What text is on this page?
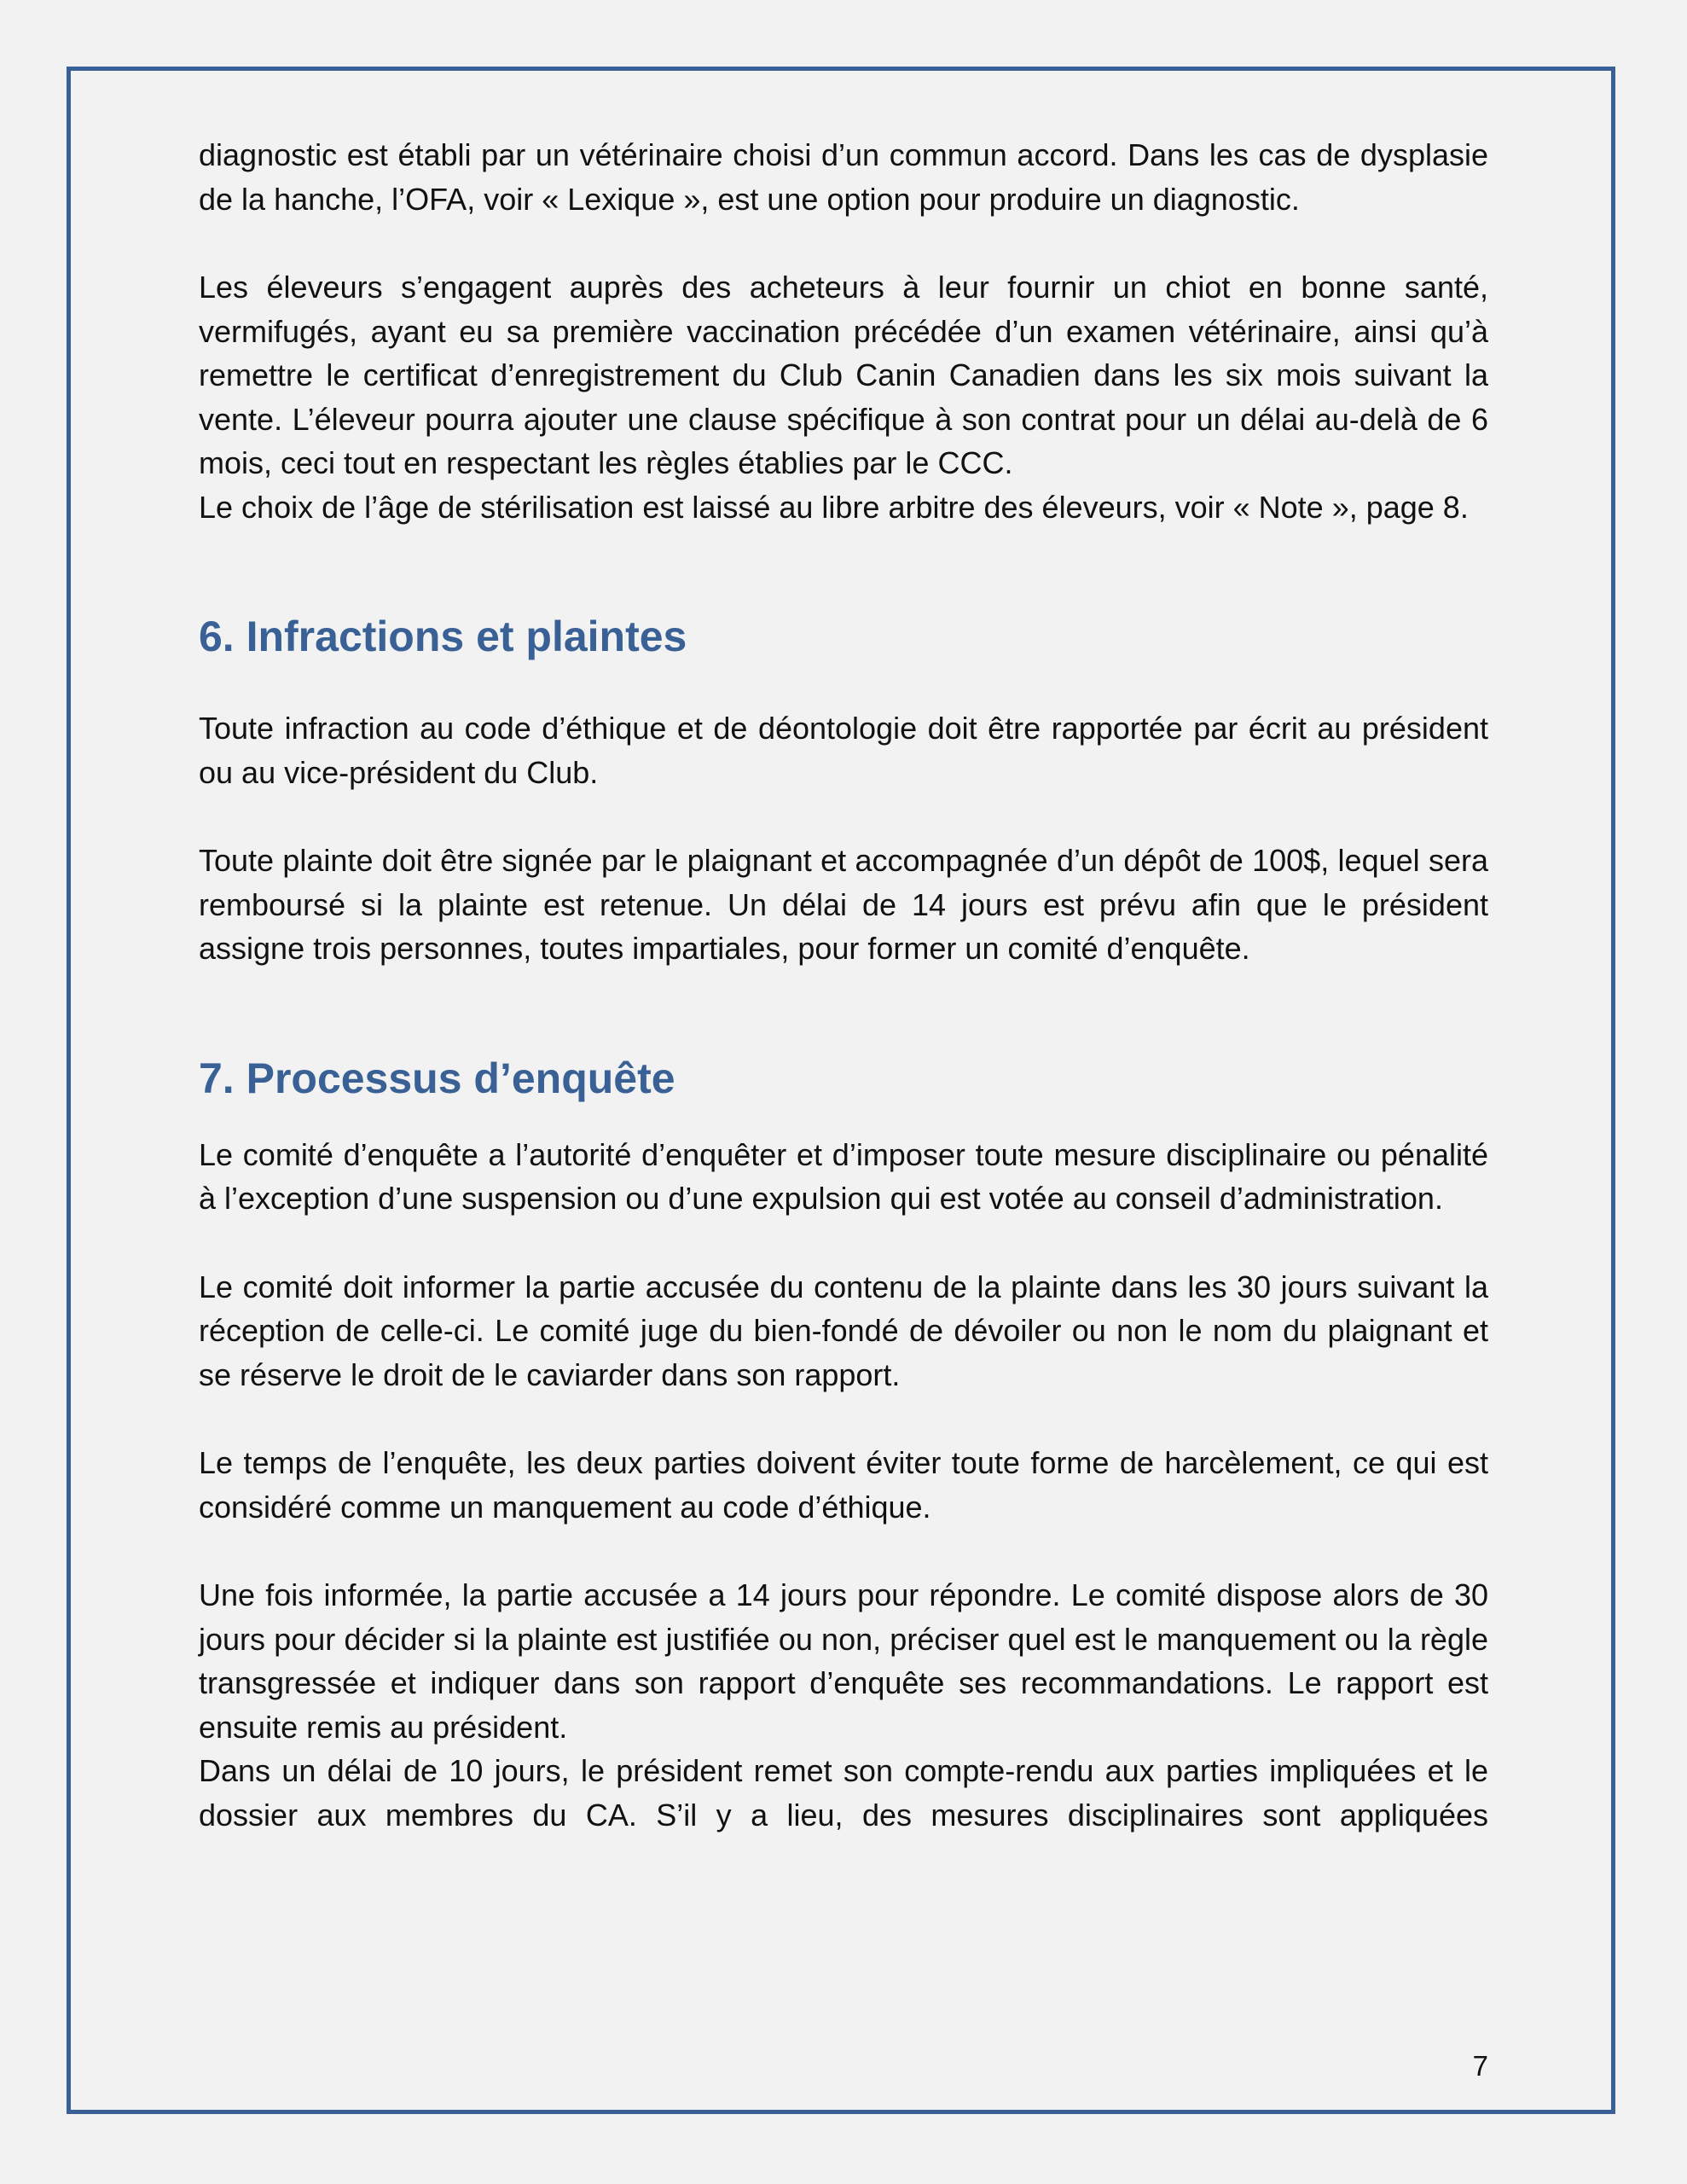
diagnostic est établi par un vétérinaire choisi d’un commun accord. Dans les cas de dysplasie de la hanche, l’OFA, voir « Lexique », est une option pour produire un diagnostic.

Les éleveurs s’engagent auprès des acheteurs à leur fournir un chiot en bonne santé, vermifugés, ayant eu sa première vaccination précédée d’un examen vétérinaire, ainsi qu’à remettre le certificat d’enregistrement du Club Canin Canadien dans les six mois suivant la vente. L’éleveur pourra ajouter une clause spécifique à son contrat pour un délai au-delà de 6 mois, ceci tout en respectant les règles établies par le CCC.

Le choix de l’âge de stérilisation est laissé au libre arbitre des éleveurs, voir « Note », page 8.

6. Infractions et plaintes

Toute infraction au code d’éthique et de déontologie doit être rapportée par écrit au président ou au vice-président du Club.

Toute plainte doit être signée par le plaignant et accompagnée d’un dépôt de 100$, lequel sera remboursé si la plainte est retenue. Un délai de 14 jours est prévu afin que le président assigne trois personnes, toutes impartiales, pour former un comité d’enquête.

7. Processus d’enquête

Le comité d’enquête a l’autorité d’enquêter et d’imposer toute mesure disciplinaire ou pénalité à l’exception d’une suspension ou d’une expulsion qui est votée au conseil d’administration.

Le comité doit informer la partie accusée du contenu de la plainte dans les 30 jours suivant la réception de celle-ci. Le comité juge du bien-fondé de dévoiler ou non le nom du plaignant et se réserve le droit de le caviarder dans son rapport.

Le temps de l’enquête, les deux parties doivent éviter toute forme de harcèlement, ce qui est considéré comme un manquement au code d’éthique.

Une fois informée, la partie accusée a 14 jours pour répondre. Le comité dispose alors de 30 jours pour décider si la plainte est justifiée ou non, préciser quel est le manquement ou la règle transgressée et indiquer dans son rapport d’enquête ses recommandations. Le rapport est ensuite remis au président.

Dans un délai de 10 jours, le président remet son compte-rendu aux parties impliquées et le dossier aux membres du CA. S’il y a lieu, des mesures disciplinaires sont appliquées

7
